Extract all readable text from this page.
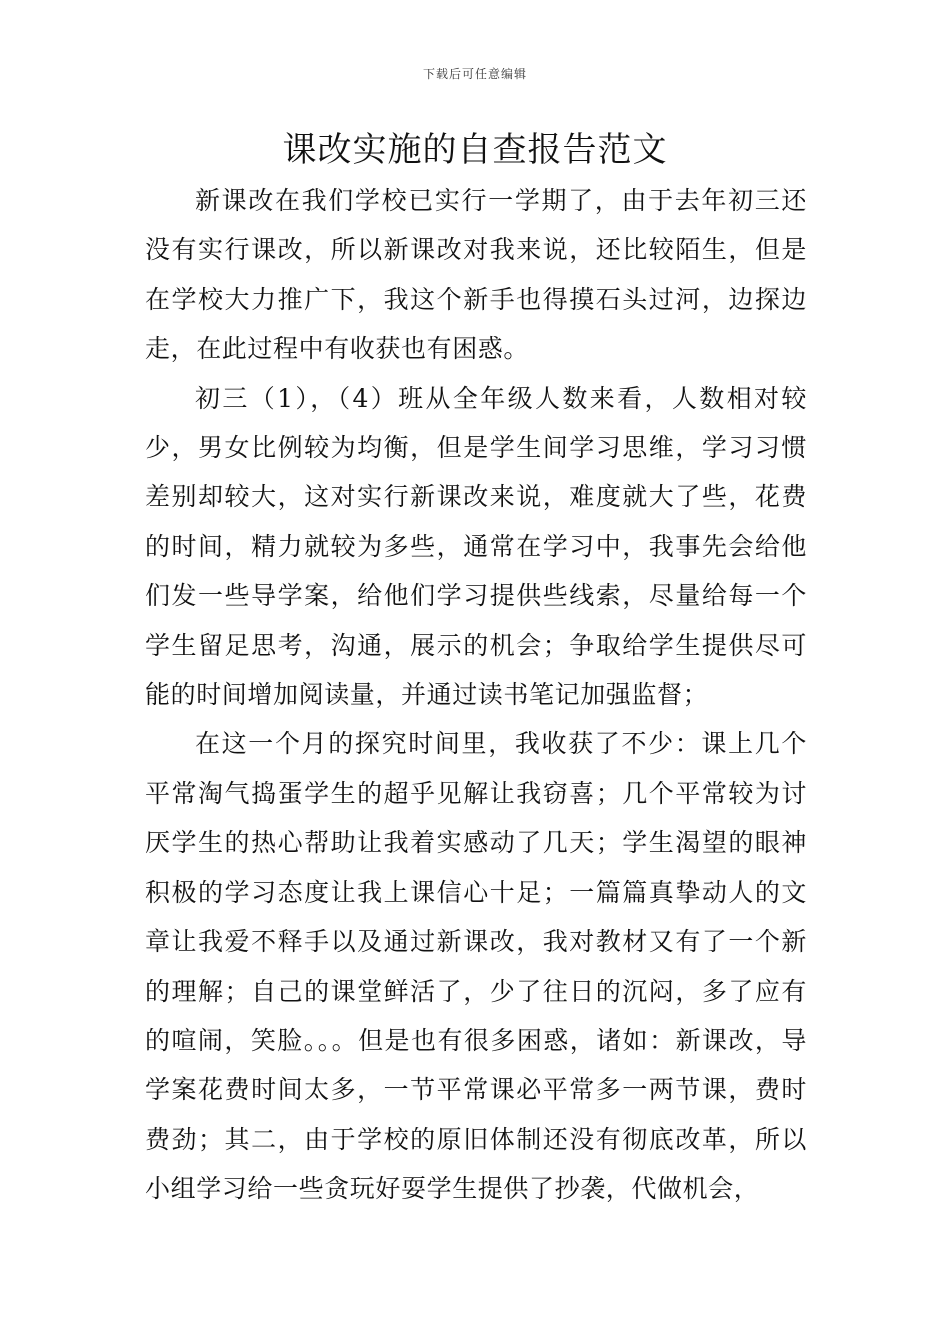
下载后可任意编辑
课改实施的自查报告范文

新课改在我们学校已实行一学期了，由于去年初三还没有实行课改，所以新课改对我来说，还比较陌生，但是在学校大力推广下，我这个新手也得摸石头过河，边探边走，在此过程中有收获也有困惑。

初三（1），（4）班从全年级人数来看，人数相对较少，男女比例较为均衡，但是学生间学习思维，学习习惯差别却较大，这对实行新课改来说，难度就大了些，花费的时间，精力就较为多些，通常在学习中，我事先会给他们发一些导学案，给他们学习提供些线索，尽量给每一个学生留足思考，沟通，展示的机会；争取给学生提供尽可能的时间增加阅读量，并通过读书笔记加强监督；

在这一个月的探究时间里，我收获了不少：课上几个平常淘气捣蛋学生的超乎见解让我窃喜；几个平常较为讨厌学生的热心帮助让我着实感动了几天；学生渴望的眼神积极的学习态度让我上课信心十足；一篇篇真挚动人的文章让我爱不释手以及通过新课改，我对教材又有了一个新的理解；自己的课堂鲜活了，少了往日的沉闷，多了应有的喧闹，笑脸。。。但是也有很多困惑，诸如：新课改，导学案花费时间太多，一节平常课必平常多一两节课，费时费劲；其二，由于学校的原旧体制还没有彻底改革，所以小组学习给一些贪玩好耍学生提供了抄袭，代做机会，
